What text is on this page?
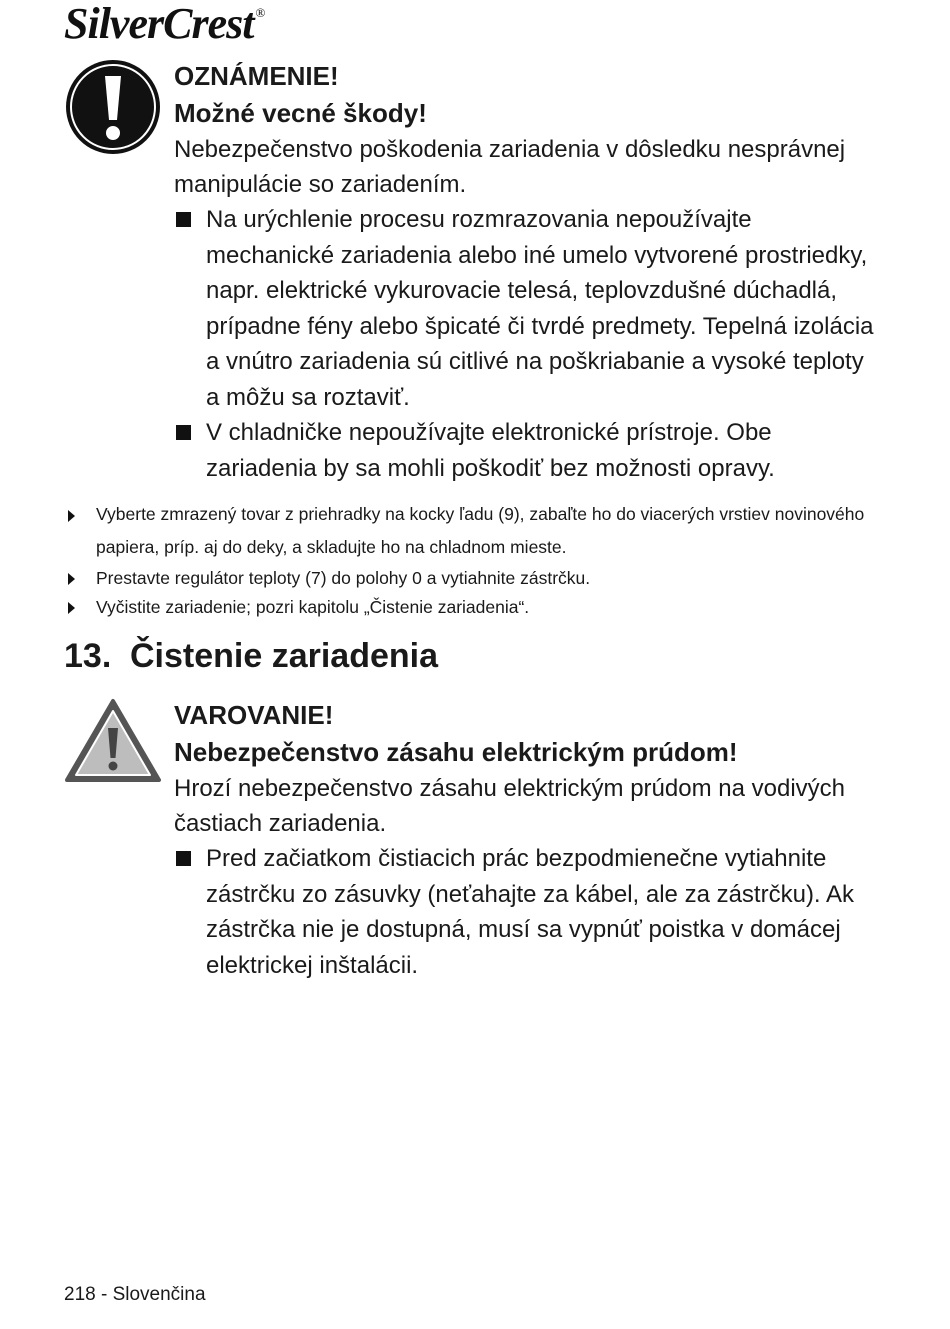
SilverCrest ®

OZNÁMENIE!

Možné vecné škody!

Nebezpečenstvo poškodenia zariadenia v dôsledku nesprávnej manipulácie so zariadením.

Na urýchlenie procesu rozmrazovania nepoužívajte mechanické zariadenia alebo iné umelo vytvorené prostriedky, napr. elektrické vykurovacie telesá, teplovzdušné dúchadlá, prípadne fény alebo špicaté či tvrdé predmety. Tepelná izolácia a vnútro zariadenia sú citlivé na poškriabanie a vysoké teploty a môžu sa roztaviť.

V chladničke nepoužívajte elektronické prístroje. Obe zariadenia by sa mohli poškodiť bez možnosti opravy.

Vyberte zmrazený tovar z priehradky na kocky ľadu (9), zabaľte ho do viacerých vrstiev novinového papiera, príp. aj do deky, a skladujte ho na chladnom mieste.

Prestavte regulátor teploty (7) do polohy 0 a vytiahnite zástrčku.

Vyčistite zariadenie; pozri kapitolu „Čistenie zariadenia“.

13. Čistenie zariadenia

VAROVANIE!

Nebezpečenstvo zásahu elektrickým prúdom!

Hrozí nebezpečenstvo zásahu elektrickým prúdom na vodivých častiach zariadenia.

Pred začiatkom čistiacich prác bezpodmienečne vytiahnite zástrčku zo zásuvky (neťahajte za kábel, ale za zástrčku). Ak zástrčka nie je dostupná, musí sa vypnúť poistka v domácej elektrickej inštalácii.

218 - Slovenčina
